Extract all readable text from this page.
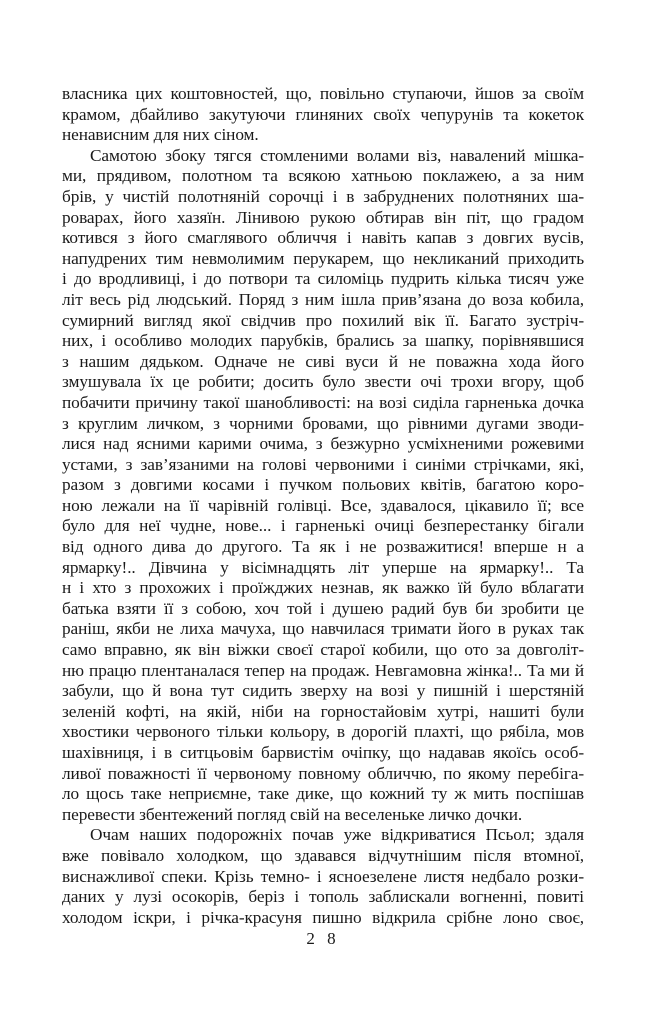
власника цих коштовностей, що, повільно ступаючи, йшов за своїм
крамом, дбайливо закутуючи глиняних своїх чепурунів та кокеток
ненависним для них сіном.

Самотою збоку тягся стомленими волами віз, навалений мішка-
ми, прядивом, полотном та всякою хатньою поклажею, а за ним
брів, у чистій полотняній сорочці і в забруднених полотняних ша-
роварах, його хазяїн. Лінивою рукою обтирав він піт, що градом
котився з його смаглявого обличчя і навіть капав з довгих вусів,
напудрених тим невмолимим перукарем, що некликаний приходить
і до вродливиці, і до потвори та силоміць пудрить кілька тисяч уже
літ весь рід людський. Поряд з ним ішла прив’язана до воза кобила,
сумирний вигляд якої свідчив про похилий вік її. Багато зустріч-
них, і особливо молодих парубків, брались за шапку, порівнявшися
з нашим дядьком. Одначе не сиві вуси й не поважна хода його
змушувала їх це робити; досить було звести очі трохи вгору, щоб
побачити причину такої шанобливості: на возі сиділа гарненька дочка
з круглим личком, з чорними бровами, що рівними дугами зводи-
лися над ясними карими очима, з безжурно усміхненими рожевими
устами, з зав’язаними на голові червоними і синіми стрічками, які,
разом з довгими косами і пучком польових квітів, багатою коро-
ною лежали на її чарівній голівці. Все, здавалося, цікавило її; все
було для неї чудне, нове... і гарненькі очиці безперестанку бігали
від одного дива до другого. Та як і не розважитися! вперше н а
ярмарку!.. Дівчина у вісімнадцять літ уперше на ярмарку!.. Та
н і хто з прохожих і проїжджих незнав, як важко їй було вблагати
батька взяти її з собою, хоч той і душею радий був би зробити це
раніш, якби не лиха мачуха, що навчилася тримати його в руках так
само вправно, як він віжки своєї старої кобили, що ото за довголіт-
ню працю плентаналася тепер на продаж. Невгамовна жінка!.. Та ми й
забули, що й вона тут сидить зверху на возі у пишній і шерстяній
зеленій кофті, на якій, ніби на горностайовім хутрі, нашиті були
хвостики червоного тільки кольору, в дорогій плахті, що рябіла, мов
шахівниця, і в ситцьовім барвистім очіпку, що надавав якоїсь особ-
ливої поважності її червоному повному обличчю, по якому перебіга-
ло щось таке неприємне, таке дике, що кожний ту ж мить поспішав
перевести збентежений погляд свій на веселеньке личко дочки.

Очам наших подорожніх почав уже відкриватися Псьол; здаля
вже повівало холодком, що здавався відчутнішим після втомної,
виснажливої спеки. Крізь темно- і ясноезелене листя недбало розки-
даних у лузі осокорів, беріз і тополь заблискали вогненні, повиті
холодом іскри, і річка-красуня пишно відкрила срібне лоно своє,

2 8
